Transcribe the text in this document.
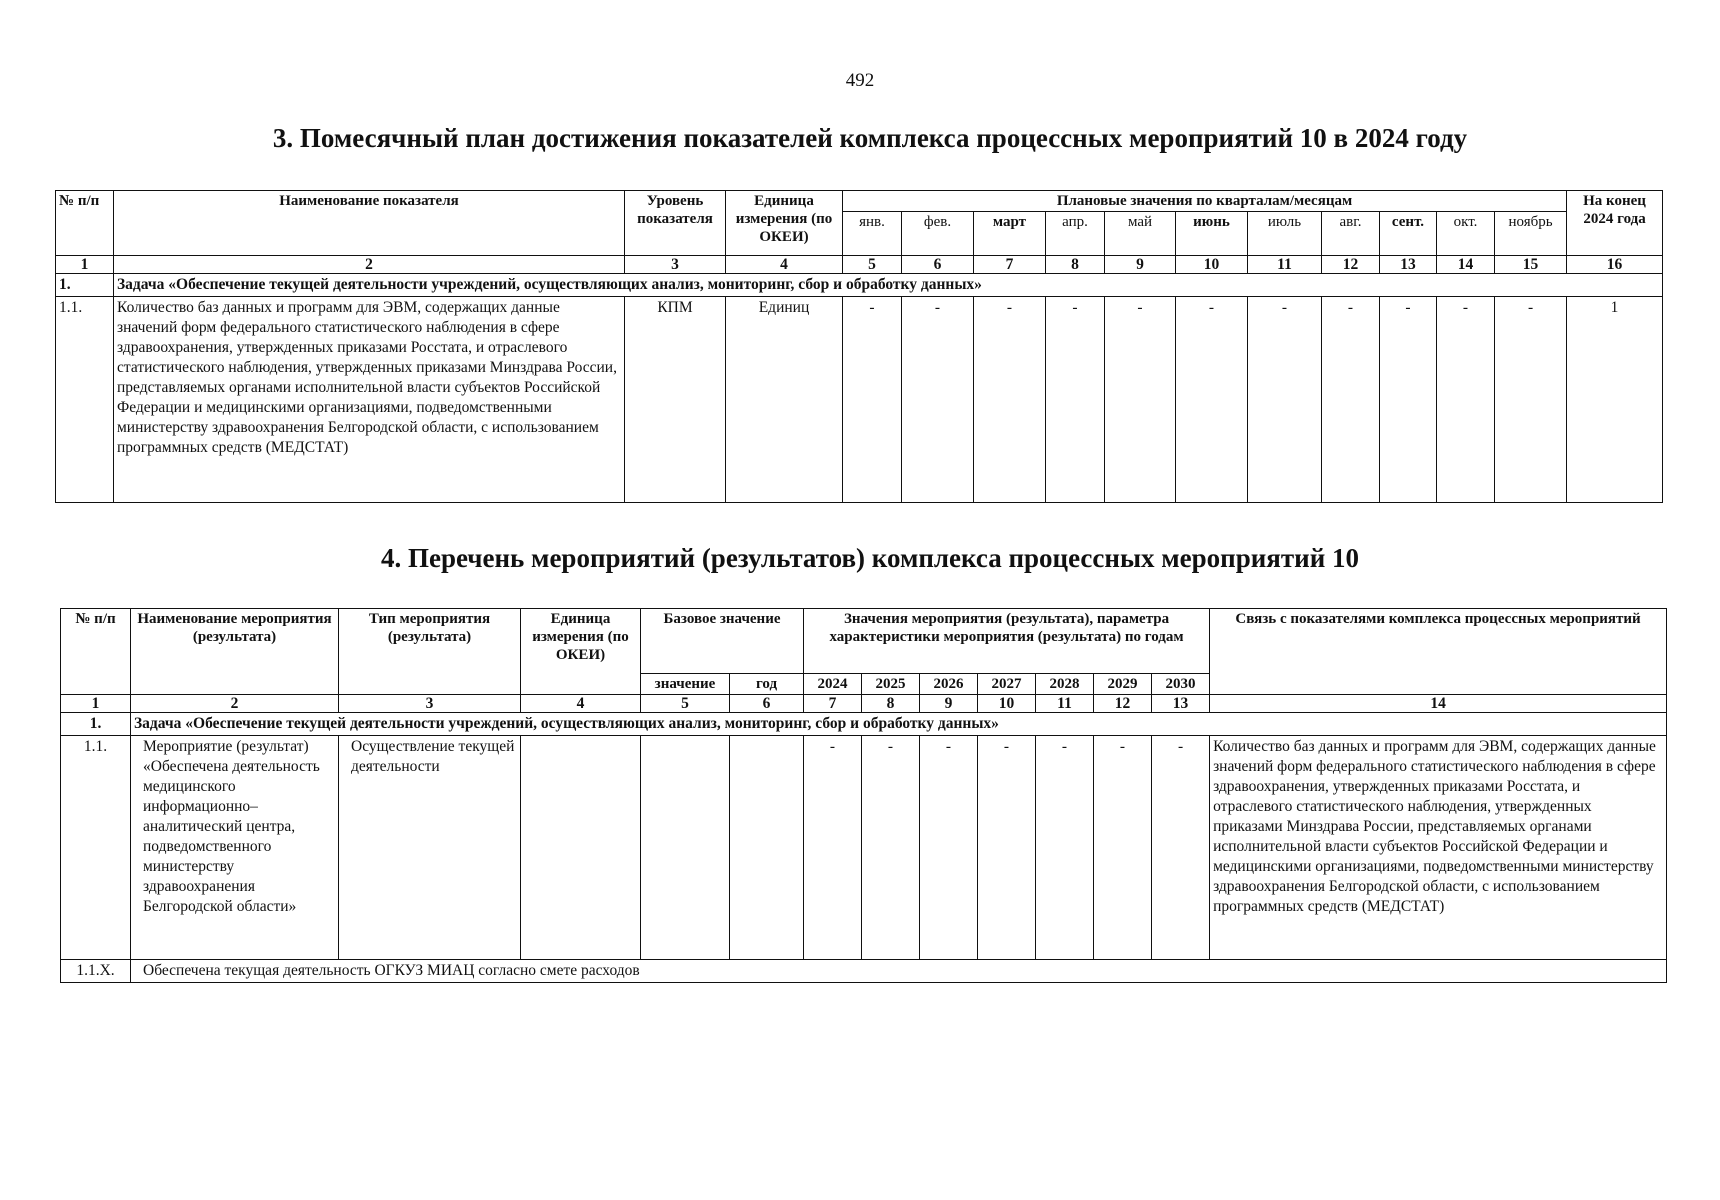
492
3. Помесячный план достижения показателей комплекса процессных мероприятий 10 в 2024 году
№ п/п	Наименование показателя	Уровень показателя	Единица измерения (по ОКЕИ)	Плановые значения по кварталам/месяцам											На конец 2024 года
				янв.	фев.	март	апр.	май	июнь	июль	авг.	сент.	окт.	ноябрь	
1	2	3	4	5	6	7	8	9	10	11	12	13	14	15	16
1.	Задача «Обеспечение текущей деятельности учреждений, осуществляющих анализ, мониторинг, сбор и обработку данных»														
1.1.	Количество баз данных и программ для ЭВМ, содержащих данные значений форм федерального статистического наблюдения в сфере здравоохранения, утвержденных приказами Росстата, и отраслевого статистического наблюдения, утвержденных приказами Минздрава России, представляемых органами исполнительной власти субъектов Российской Федерации и медицинскими организациями, подведомственными министерству здравоохранения Белгородской области, с использованием программных средств (МЕДСТАТ)	КПМ	Единиц	-	-	-	-	-	-	-	-	-	-	-	1
4. Перечень мероприятий (результатов) комплекса процессных мероприятий 10
№ п/п	Наименование мероприятия (результата)	Тип мероприятия (результата)	Единица измерения (по ОКЕИ)	Базовое значение		Значения мероприятия (результата), параметра характеристики мероприятия (результата) по годам							Связь с показателями комплекса процессных мероприятий
				значение	год	2024	2025	2026	2027	2028	2029	2030	
1	2	3	4	5	6	7	8	9	10	11	12	13	14
1.	Задача «Обеспечение текущей деятельности учреждений, осуществляющих анализ, мониторинг, сбор и обработку данных»												
1.1.	Мероприятие (результат) «Обеспечена деятельность медицинского информационно–аналитический центра, подведомственного министерству здравоохранения Белгородской области»	Осуществление текущей деятельности				-	-	-	-	-	-	-	Количество баз данных и программ для ЭВМ, содержащих данные значений форм федерального статистического наблюдения в сфере здравоохранения, утвержденных приказами Росстата, и отраслевого статистического наблюдения, утвержденных приказами Минздрава России, представляемых органами исполнительной власти субъектов Российской Федерации и медицинскими организациями, подведомственными министерству здравоохранения Белгородской области, с использованием программных средств (МЕДСТАТ)
1.1.Х.	Обеспечена текущая деятельность ОГКУЗ МИАЦ согласно смете расходов												
